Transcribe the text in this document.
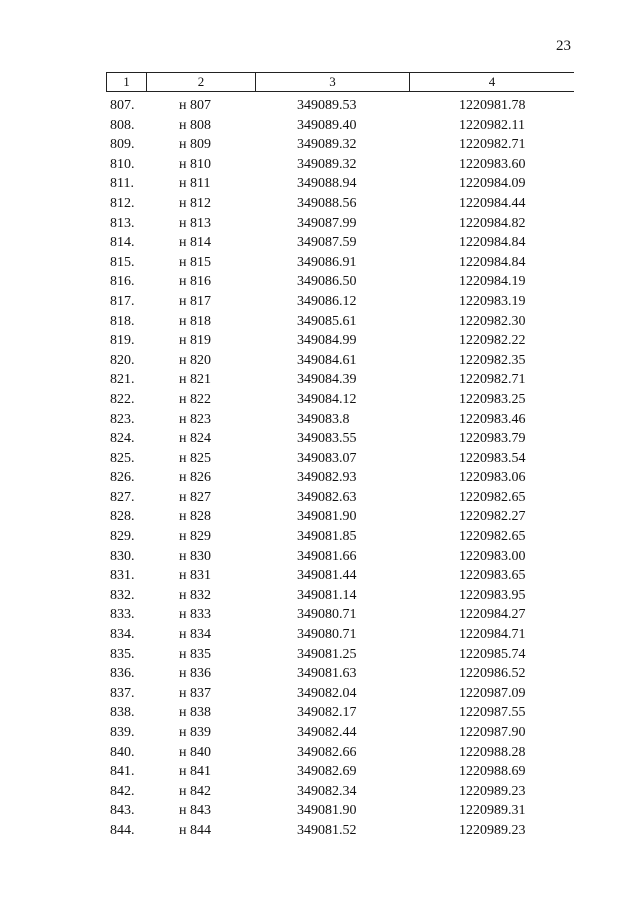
23
1	2	3	4
807.	н 807	349089.53	1220981.78
808.	н 808	349089.40	1220982.11
809.	н 809	349089.32	1220982.71
810.	н 810	349089.32	1220983.60
811.	н 811	349088.94	1220984.09
812.	н 812	349088.56	1220984.44
813.	н 813	349087.99	1220984.82
814.	н 814	349087.59	1220984.84
815.	н 815	349086.91	1220984.84
816.	н 816	349086.50	1220984.19
817.	н 817	349086.12	1220983.19
818.	н 818	349085.61	1220982.30
819.	н 819	349084.99	1220982.22
820.	н 820	349084.61	1220982.35
821.	н 821	349084.39	1220982.71
822.	н 822	349084.12	1220983.25
823.	н 823	349083.8	1220983.46
824.	н 824	349083.55	1220983.79
825.	н 825	349083.07	1220983.54
826.	н 826	349082.93	1220983.06
827.	н 827	349082.63	1220982.65
828.	н 828	349081.90	1220982.27
829.	н 829	349081.85	1220982.65
830.	н 830	349081.66	1220983.00
831.	н 831	349081.44	1220983.65
832.	н 832	349081.14	1220983.95
833.	н 833	349080.71	1220984.27
834.	н 834	349080.71	1220984.71
835.	н 835	349081.25	1220985.74
836.	н 836	349081.63	1220986.52
837.	н 837	349082.04	1220987.09
838.	н 838	349082.17	1220987.55
839.	н 839	349082.44	1220987.90
840.	н 840	349082.66	1220988.28
841.	н 841	349082.69	1220988.69
842.	н 842	349082.34	1220989.23
843.	н 843	349081.90	1220989.31
844.	н 844	349081.52	1220989.23
